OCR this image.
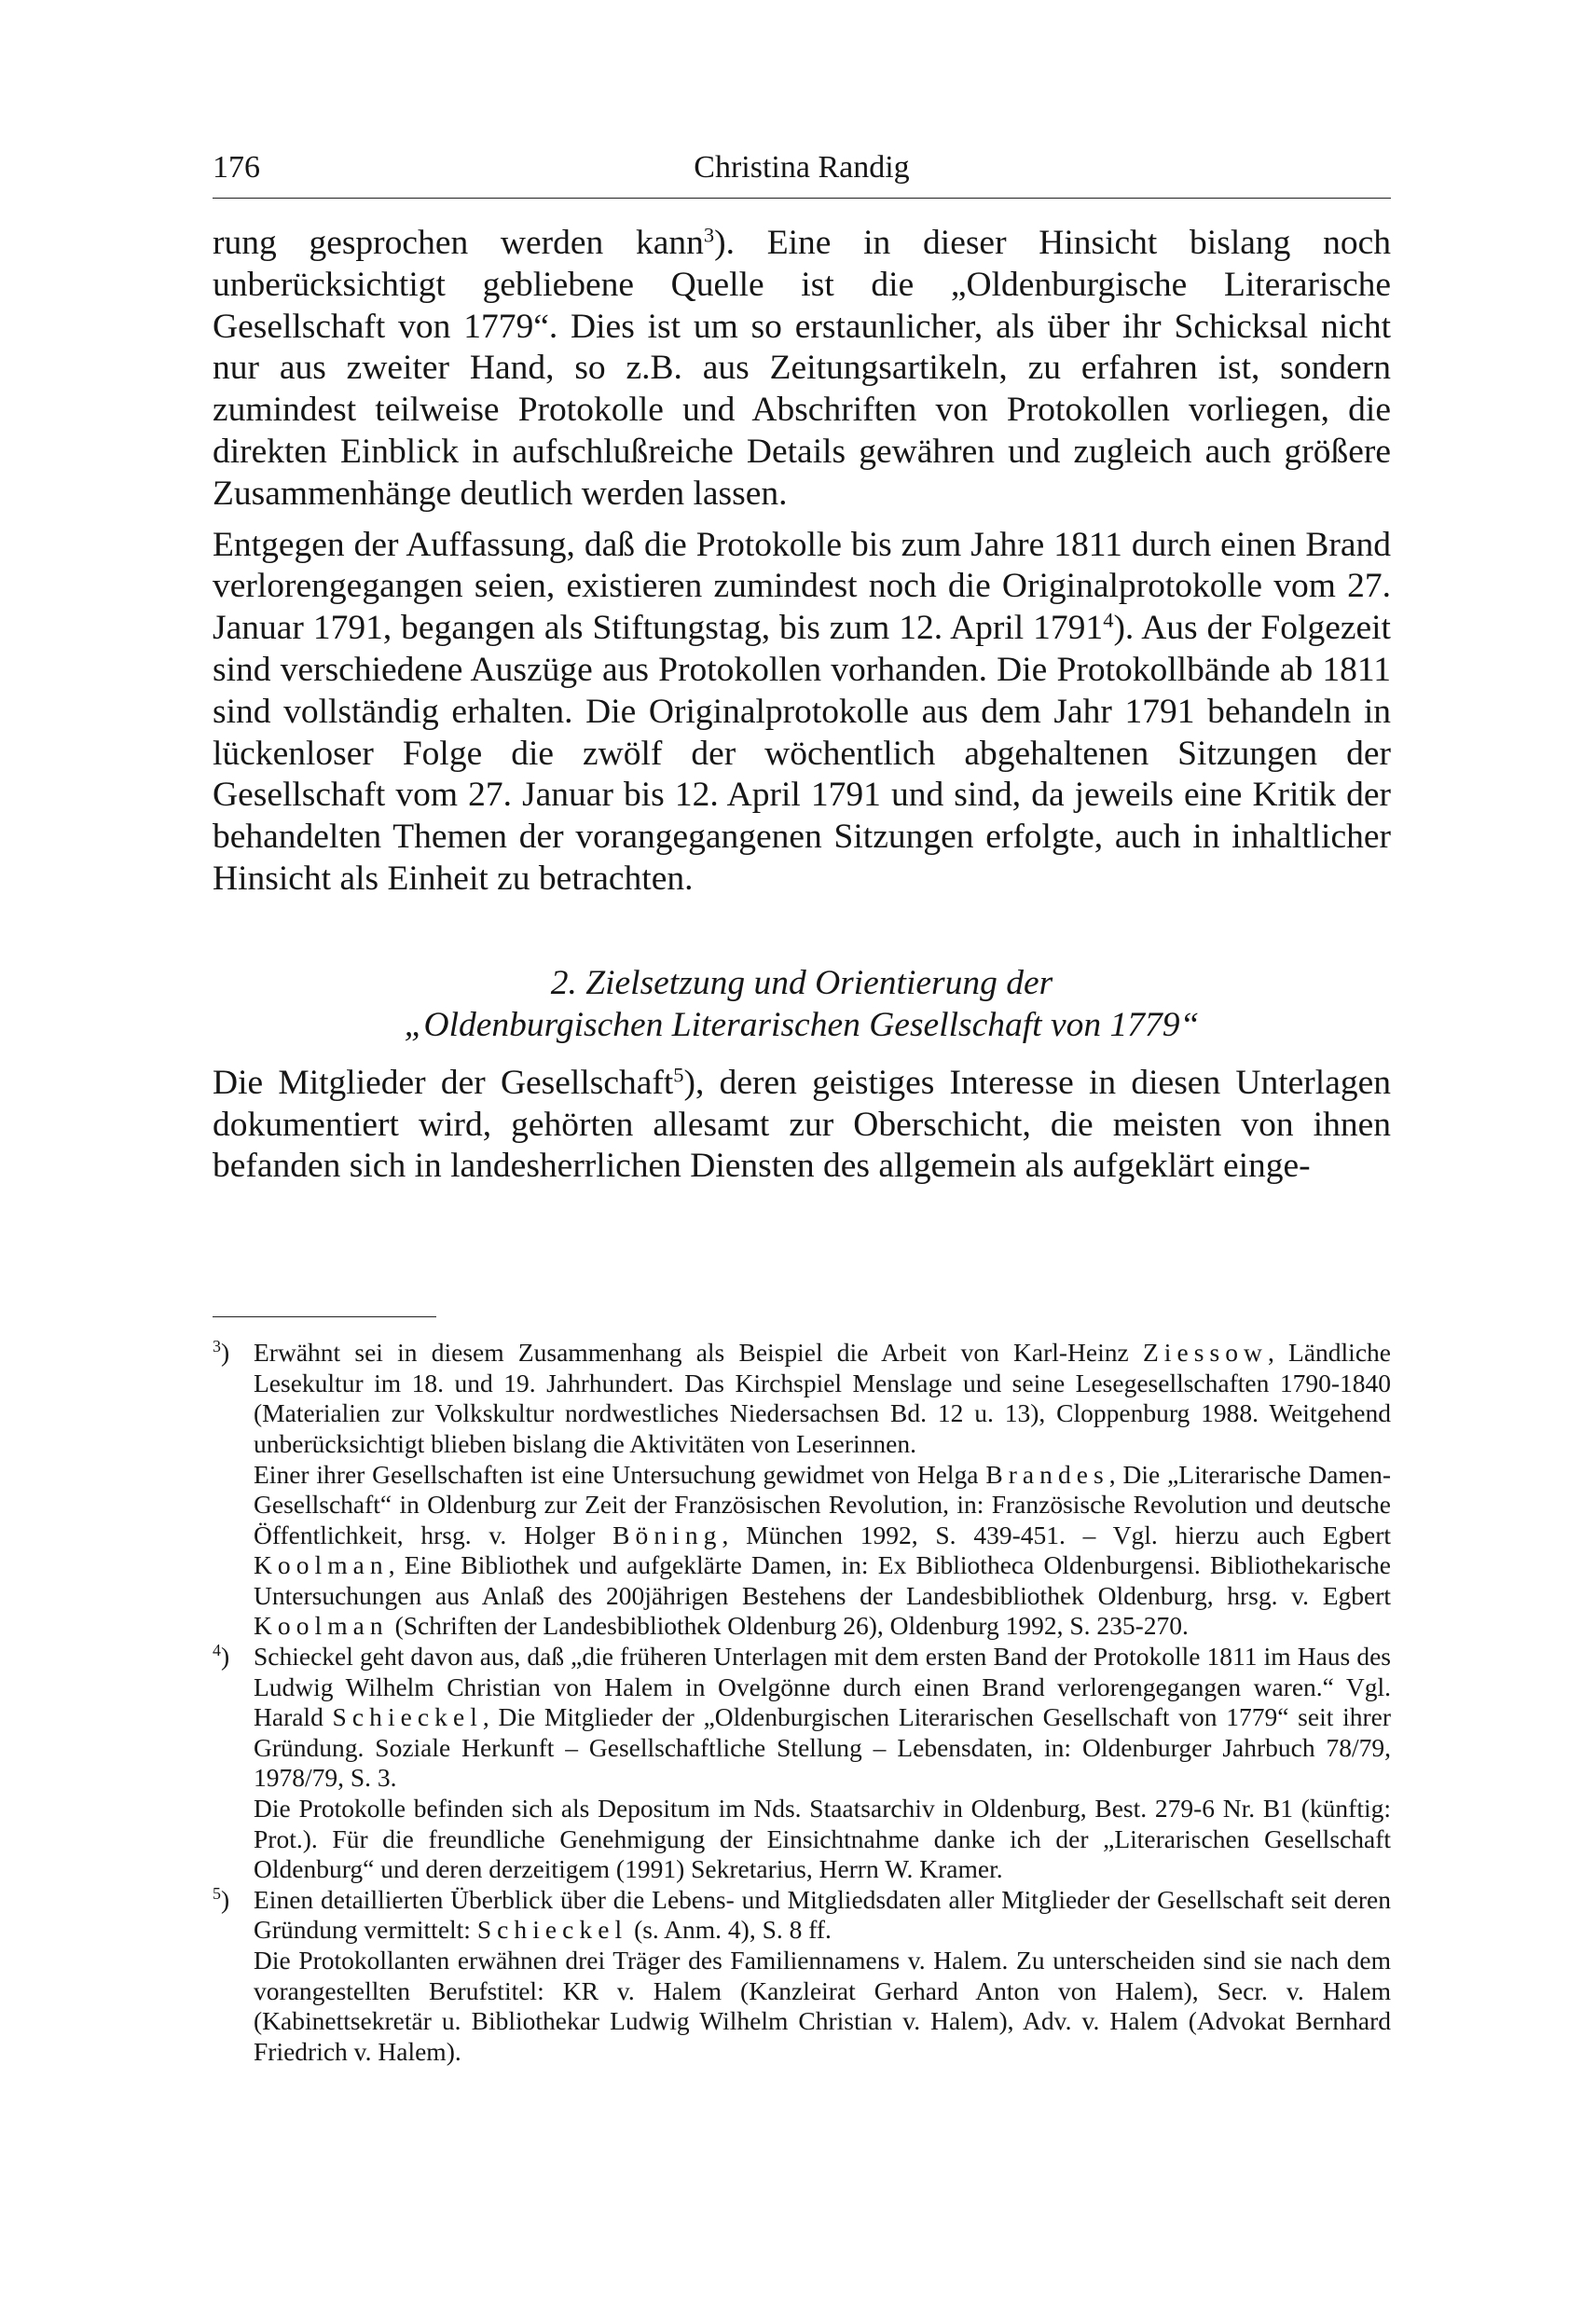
176	Christina Randig

rung gesprochen werden kann$^3$). Eine in dieser Hinsicht bislang noch unberücksichtigt gebliebene Quelle ist die „Oldenburgische Literarische Gesellschaft von 1779“. Dies ist um so erstaunlicher, als über ihr Schicksal nicht nur aus zweiter Hand, so z.B. aus Zeitungsartikeln, zu erfahren ist, sondern zumindest teilweise Protokolle und Abschriften von Protokollen vorliegen, die direkten Einblick in aufschlußreiche Details gewähren und zugleich auch größere Zusammenhänge deutlich werden lassen.

Entgegen der Auffassung, daß die Protokolle bis zum Jahre 1811 durch einen Brand verlorengegangen seien, existieren zumindest noch die Originalprotokolle vom 27. Januar 1791, begangen als Stiftungstag, bis zum 12. April 1791$^4$). Aus der Folgezeit sind verschiedene Auszüge aus Protokollen vorhanden. Die Protokollbände ab 1811 sind vollständig erhalten. Die Originalprotokolle aus dem Jahr 1791 behandeln in lückenloser Folge die zwölf der wöchentlich abgehaltenen Sitzungen der Gesellschaft vom 27. Januar bis 12. April 1791 und sind, da jeweils eine Kritik der behandelten Themen der vorangegangenen Sitzungen erfolgte, auch in inhaltlicher Hinsicht als Einheit zu betrachten.

2. Zielsetzung und Orientierung der
„Oldenburgischen Literarischen Gesellschaft von 1779“

Die Mitglieder der Gesellschaft$^5$), deren geistiges Interesse in diesen Unterlagen dokumentiert wird, gehörten allesamt zur Oberschicht, die meisten von ihnen befanden sich in landesherrlichen Diensten des allgemein als aufgeklärt einge-

$^3$) Erwähnt sei in diesem Zusammenhang als Beispiel die Arbeit von Karl-Heinz Ziessow, Ländliche Lesekultur im 18. und 19. Jahrhundert. Das Kirchspiel Menslage und seine Lesegesellschaften 1790-1840 (Materialien zur Volkskultur nordwestliches Niedersachsen Bd. 12 u. 13), Cloppenburg 1988. Weitgehend unberücksichtigt blieben bislang die Aktivitäten von Leserinnen.

Einer ihrer Gesellschaften ist eine Untersuchung gewidmet von Helga Brandes, Die „Literarische Damen-Gesellschaft“ in Oldenburg zur Zeit der Französischen Revolution, in: Französische Revolution und deutsche Öffentlichkeit, hrsg. v. Holger Böning, München 1992, S. 439-451. – Vgl. hierzu auch Egbert Koolman, Eine Bibliothek und aufgeklärte Damen, in: Ex Bibliotheca Oldenburgensi. Bibliothekarische Untersuchungen aus Anlaß des 200jährigen Bestehens der Landesbibliothek Oldenburg, hrsg. v. Egbert Koolman (Schriften der Landesbibliothek Oldenburg 26), Oldenburg 1992, S. 235-270.

$^4$) Schieckel geht davon aus, daß „die früheren Unterlagen mit dem ersten Band der Protokolle 1811 im Haus des Ludwig Wilhelm Christian von Halem in Ovelgönne durch einen Brand verlorengegangen waren.“ Vgl. Harald Schieckel, Die Mitglieder der „Oldenburgischen Literarischen Gesellschaft von 1779“ seit ihrer Gründung. Soziale Herkunft – Gesellschaftliche Stellung – Lebensdaten, in: Oldenburger Jahrbuch 78/79, 1978/79, S. 3.

Die Protokolle befinden sich als Depositum im Nds. Staatsarchiv in Oldenburg, Best. 279-6 Nr. B1 (künftig: Prot.). Für die freundliche Genehmigung der Einsichtnahme danke ich der „Literarischen Gesellschaft Oldenburg“ und deren derzeitigem (1991) Sekretarius, Herrn W. Kramer.

$^5$) Einen detaillierten Überblick über die Lebens- und Mitgliedsdaten aller Mitglieder der Gesellschaft seit deren Gründung vermittelt: Schieckel (s. Anm. 4), S. 8 ff.

Die Protokollanten erwähnen drei Träger des Familiennamens v. Halem. Zu unterscheiden sind sie nach dem vorangestellten Berufstitel: KR v. Halem (Kanzleirat Gerhard Anton von Halem), Secr. v. Halem (Kabinettsekretär u. Bibliothekar Ludwig Wilhelm Christian v. Halem), Adv. v. Halem (Advokat Bernhard Friedrich v. Halem).
